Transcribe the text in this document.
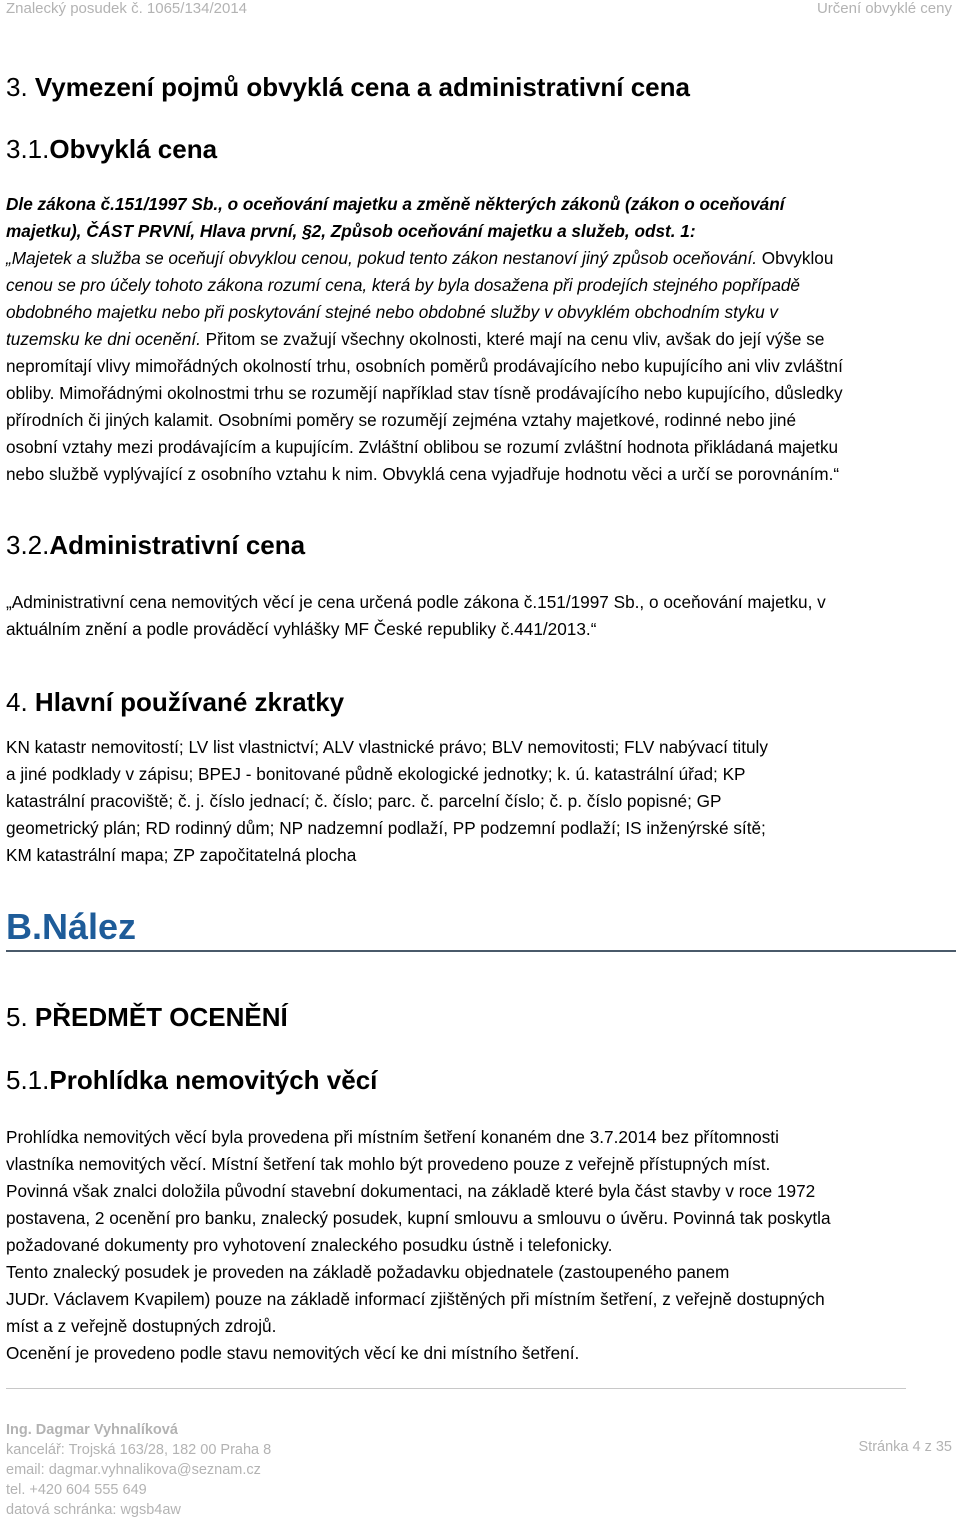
Znalecký posudek č. 1065/134/2014	Určení obvyklé ceny
3. Vymezení pojmů obvyklá cena a administrativní cena
3.1.Obvyklá cena
Dle zákona č.151/1997 Sb., o oceňování majetku a změně některých zákonů (zákon o oceňování
majetku), ČÁST PRVNÍ, Hlava první, §2, Způsob oceňování majetku a služeb, odst. 1:
„Majetek a služba se oceňují obvyklou cenou, pokud tento zákon nestanoví jiný způsob oceňování. Obvyklou
cenou se pro účely tohoto zákona rozumí cena, která by byla dosažena při prodejích stejného popřípadě
obdobného majetku nebo při poskytování stejné nebo obdobné služby v obvyklém obchodním styku v
tuzemsku ke dni ocenění. Přitom se zvažují všechny okolnosti, které mají na cenu vliv, avšak do její výše se
nepromítají vlivy mimořádných okolností trhu, osobních poměrů prodávajícího nebo kupujícího ani vliv zvláštní
obliby. Mimořádnými okolnostmi trhu se rozumějí například stav tísně prodávajícího nebo kupujícího, důsledky
přírodních či jiných kalamit. Osobními poměry se rozumějí zejména vztahy majetkové, rodinné nebo jiné
osobní vztahy mezi prodávajícím a kupujícím. Zvláštní oblibou se rozumí zvláštní hodnota přikládaná majetku
nebo službě vyplývající z osobního vztahu k nim. Obvyklá cena vyjadřuje hodnotu věci a určí se porovnáním.“
3.2.Administrativní cena
„Administrativní cena nemovitých věcí je cena určená podle zákona č.151/1997 Sb., o oceňování majetku, v
aktuálním znění a podle prováděcí vyhlášky MF České republiky č.441/2013.“
4. Hlavní používané zkratky
KN katastr nemovitostí; LV list vlastnictví; ALV vlastnické právo; BLV nemovitosti; FLV nabývací tituly
a jiné podklady v zápisu; BPEJ - bonitované půdně ekologické jednotky; k. ú. katastrální úřad; KP
katastrální pracoviště; č. j. číslo jednací; č. číslo; parc. č. parcelní číslo; č. p. číslo popisné; GP
geometrický plán; RD rodinný dům; NP nadzemní podlaží, PP podzemní podlaží; IS inženýrské sítě;
KM katastrální mapa; ZP započitatelná plocha
B.Nález
5. PŘEDMĚT OCENĚNÍ
5.1.Prohlídka nemovitých věcí
Prohlídka nemovitých věcí byla provedena při místním šetření konaném dne 3.7.2014 bez přítomnosti
vlastníka nemovitých věcí. Místní šetření tak mohlo být provedeno pouze z veřejně přístupných míst.
Povinná však znalci doložila původní stavební dokumentaci, na základě které byla část stavby v roce 1972
postavena, 2 ocenění pro banku, znalecký posudek, kupní smlouvu a smlouvu o úvěru. Povinná tak poskytla
požadované dokumenty pro vyhotovení znaleckého posudku ústně i telefonicky.
Tento znalecký posudek je proveden na základě požadavku objednatele (zastoupeného panem
JUDr. Václavem Kvapilem) pouze na základě informací zjištěných při místním šetření, z veřejně dostupných
míst a z veřejně dostupných zdrojů.
Ocenění je provedeno podle stavu nemovitých věcí ke dni místního šetření.
Ing. Dagmar Vyhnalíková
kancelář: Trojská 163/28, 182 00 Praha 8
email: dagmar.vyhnalikova@seznam.cz
tel. +420 604 555 649
datová schránka: wgsb4aw
Stránka 4 z 35
